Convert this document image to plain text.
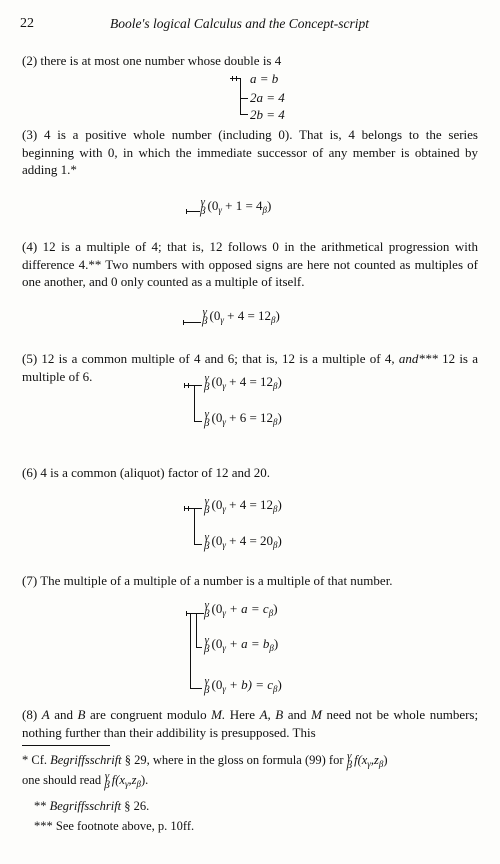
22	Boole's logical Calculus and the Concept-script
(2) there is at most one number whose double is 4
a = b
2a = 4
2b = 4
(3) 4 is a positive whole number (including 0). That is, 4 belongs to the series beginning with 0, in which the immediate successor of any member is obtained by adding 1.*
γ
β $(0_\gamma + 1 = 4_\beta)$
(4) 12 is a multiple of 4; that is, 12 follows 0 in the arithmetical progression with difference 4.** Two numbers with opposed signs are here not counted as multiples of one another, and 0 only counted as a multiple of itself.
γ
β $(0_\gamma + 4 = 12_\beta)$
(5) 12 is a common multiple of 4 and 6; that is, 12 is a multiple of 4, and*** 12 is a multiple of 6.	γ
β $(0_\gamma + 4 = 12_\beta)$
γ
β $(0_\gamma + 6 = 12_\beta)$
(6) 4 is a common (aliquot) factor of 12 and 20.
γ
β $(0_\gamma + 4 = 12_\beta)$
γ
β $(0_\gamma + 4 = 20_\beta)$
(7) The multiple of a multiple of a number is a multiple of that number.
γ
β $(0_\gamma + a = c_\beta)$
γ
β $(0_\gamma + a = b_\beta)$
γ
β $(0_\gamma + b) = c_\beta$)
(8) A and B are congruent modulo M. Here A, B and M need not be whole numbers; nothing further than their addibility is presupposed. This
* Cf. Begriffsschrift § 29, where in the gloss on formula (99) for γ
β $f(x_\gamma,z_\beta)$
one should read γ
β $f(x_\gamma,z_\beta)$.
** Begriffsschrift § 26.
*** See footnote above, p. 10ff.
